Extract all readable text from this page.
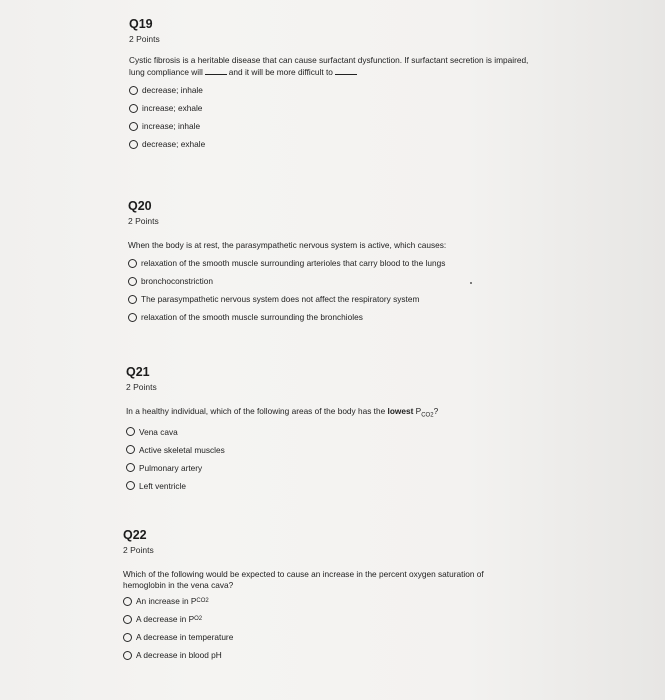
Q19
2 Points
Cystic fibrosis is a heritable disease that can cause surfactant dysfunction. If surfactant secretion is impaired, lung compliance will	and it will be more difficult to
decrease; inhale
increase; exhale
increase; inhale
decrease; exhale
Q20
2 Points
When the body is at rest, the parasympathetic nervous system is active, which causes:
relaxation of the smooth muscle surrounding arterioles that carry blood to the lungs
bronchoconstriction
The parasympathetic nervous system does not affect the respiratory system
relaxation of the smooth muscle surrounding the bronchioles
Q21
2 Points
In a healthy individual, which of the following areas of the body has the lowest $P_{CO2}$?
Vena cava
Active skeletal muscles
Pulmonary artery
Left ventricle
Q22
2 Points
Which of the following would be expected to cause an increase in the percent oxygen saturation of hemoglobin in the vena cava?
An increase in P CO 2
A decrease in P O 2
A decrease in temperature
A decrease in blood pH
